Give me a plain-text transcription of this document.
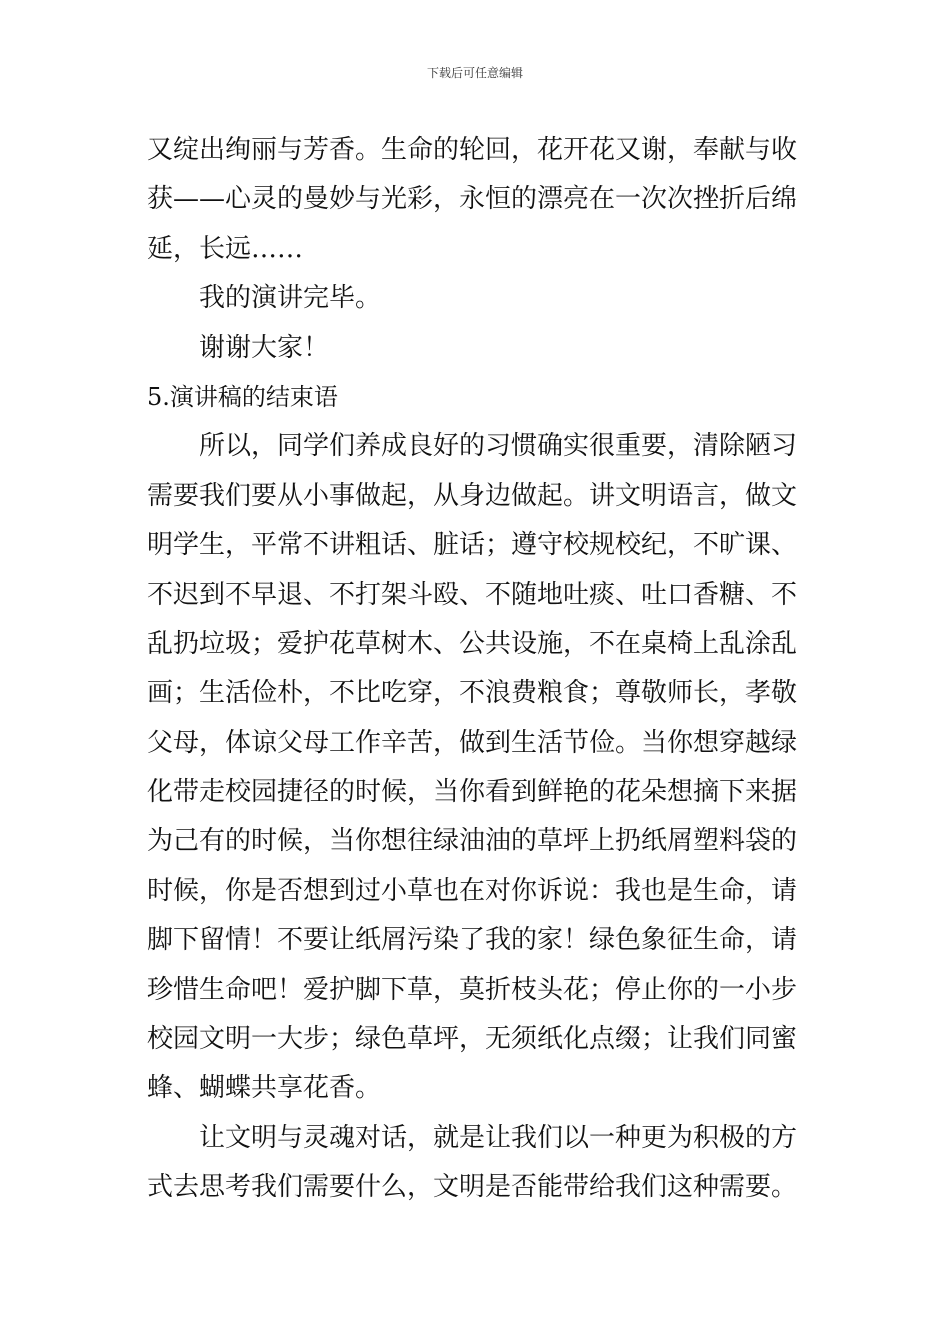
下载后可任意编辑
又绽出绚丽与芳香。生命的轮回，花开花又谢，奉献与收
获——心灵的曼妙与光彩，永恒的漂亮在一次次挫折后绵
延，长远……
我的演讲完毕。
谢谢大家！
5.演讲稿的结束语
所以，同学们养成良好的习惯确实很重要，清除陋习
需要我们要从小事做起，从身边做起。讲文明语言，做文
明学生，平常不讲粗话、脏话；遵守校规校纪，不旷课、
不迟到不早退、不打架斗殴、不随地吐痰、吐口香糖、不
乱扔垃圾；爱护花草树木、公共设施，不在桌椅上乱涂乱
画；生活俭朴，不比吃穿，不浪费粮食；尊敬师长，孝敬
父母，体谅父母工作辛苦，做到生活节俭。当你想穿越绿
化带走校园捷径的时候，当你看到鲜艳的花朵想摘下来据
为己有的时候，当你想往绿油油的草坪上扔纸屑塑料袋的
时候，你是否想到过小草也在对你诉说：我也是生命，请
脚下留情！不要让纸屑污染了我的家！绿色象征生命，请
珍惜生命吧！爱护脚下草，莫折枝头花；停止你的一小步
校园文明一大步；绿色草坪，无须纸化点缀；让我们同蜜
蜂、蝴蝶共享花香。
让文明与灵魂对话，就是让我们以一种更为积极的方
式去思考我们需要什么，文明是否能带给我们这种需要。
